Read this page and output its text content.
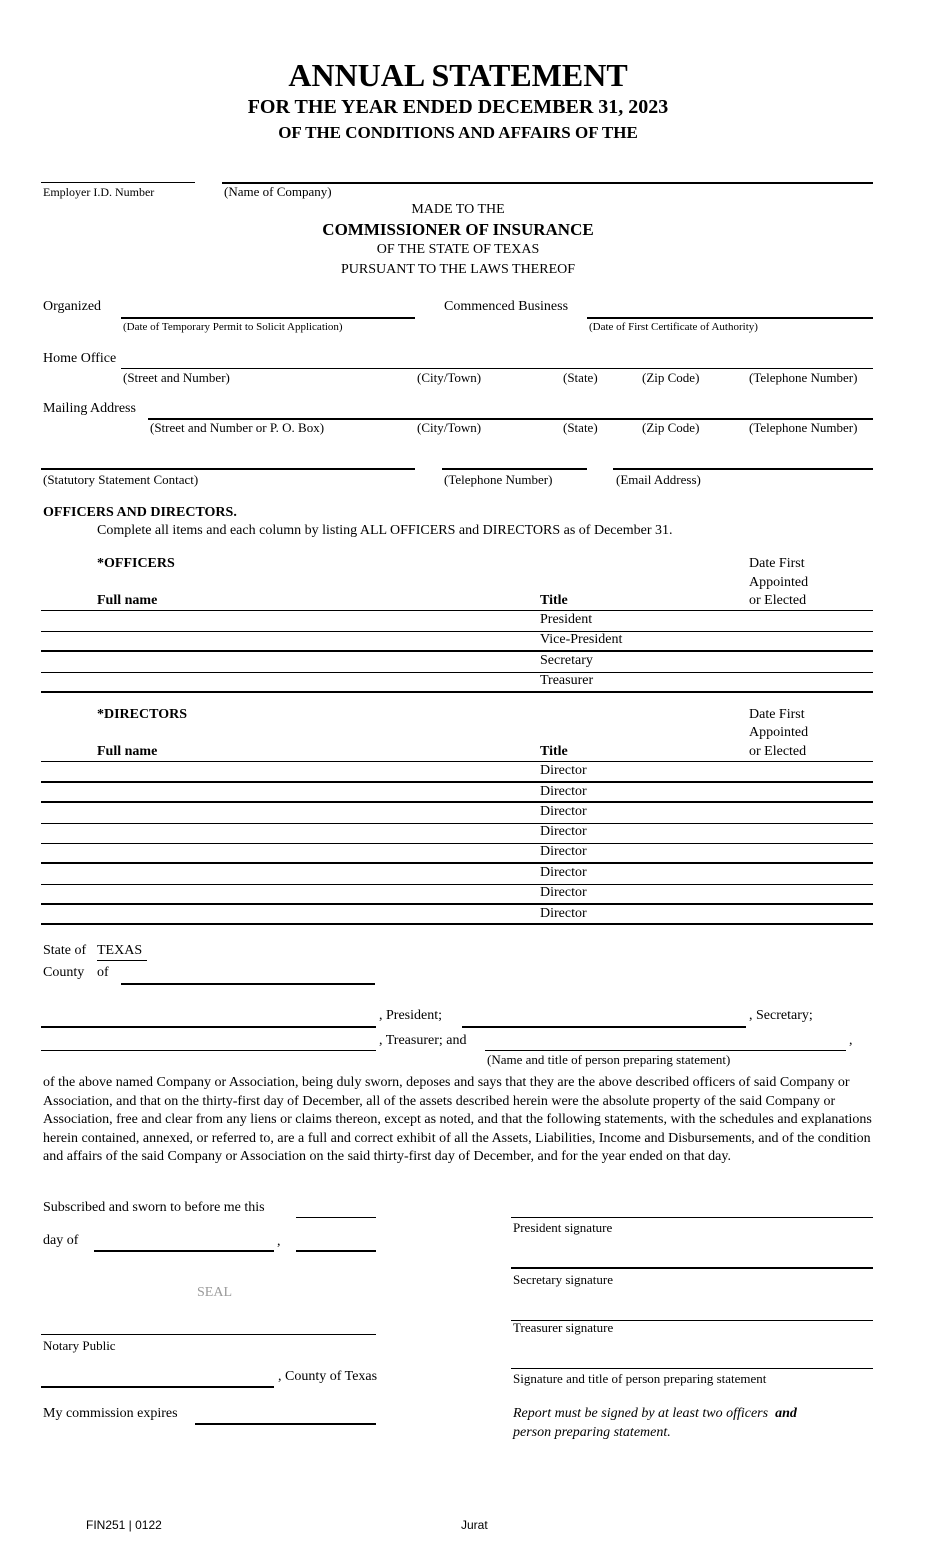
ANNUAL STATEMENT
FOR THE YEAR ENDED DECEMBER 31, 2023
OF THE CONDITIONS AND AFFAIRS OF THE
Employer I.D. Number	(Name of Company)
MADE TO THE
COMMISSIONER OF INSURANCE
OF THE STATE OF TEXAS
PURSUANT TO THE LAWS THEREOF
Organized
(Date of Temporary Permit to Solicit Application)
Commenced Business
(Date of First Certificate of Authority)
Home Office
(Street and Number)	(City/Town)	(State)	(Zip Code)	(Telephone Number)
Mailing Address
(Street and Number or P. O. Box)	(City/Town)	(State)	(Zip Code)	(Telephone Number)
(Statutory Statement Contact)	(Telephone Number)	(Email Address)
OFFICERS AND DIRECTORS.
Complete all items and each column by listing ALL OFFICERS and DIRECTORS as of December 31.
*OFFICERS	Date First
Appointed
Full name	Title	or Elected
President
Vice-President
Secretary
Treasurer
*DIRECTORS	Date First
Appointed
Full name	Title	or Elected
Director
Director
Director
Director
Director
Director
Director
Director
State of TEXAS
County of
, President;	, Secretary;
, Treasurer; and	,
(Name and title of person preparing statement)
of the above named Company or Association, being duly sworn, deposes and says that they are the above described officers of said Company or Association, and that on the thirty-first day of December, all of the assets described herein were the absolute property of the said Company or Association, free and clear from any liens or claims thereon, except as noted, and that the following statements, with the schedules and explanations herein contained, annexed, or referred to, are a full and correct exhibit of all the Assets, Liabilities, Income and Disbursements, and of the condition and affairs of the said Company or Association on the said thirty-first day of December, and for the year ended on that day.
Subscribed and sworn to before me this
day of	,
SEAL
Notary Public
, County of Texas
My commission expires
President signature
Secretary signature
Treasurer signature
Signature and title of person preparing statement
Report must be signed by at least two officers and
person preparing statement.
FIN251 | 0122	Jurat
